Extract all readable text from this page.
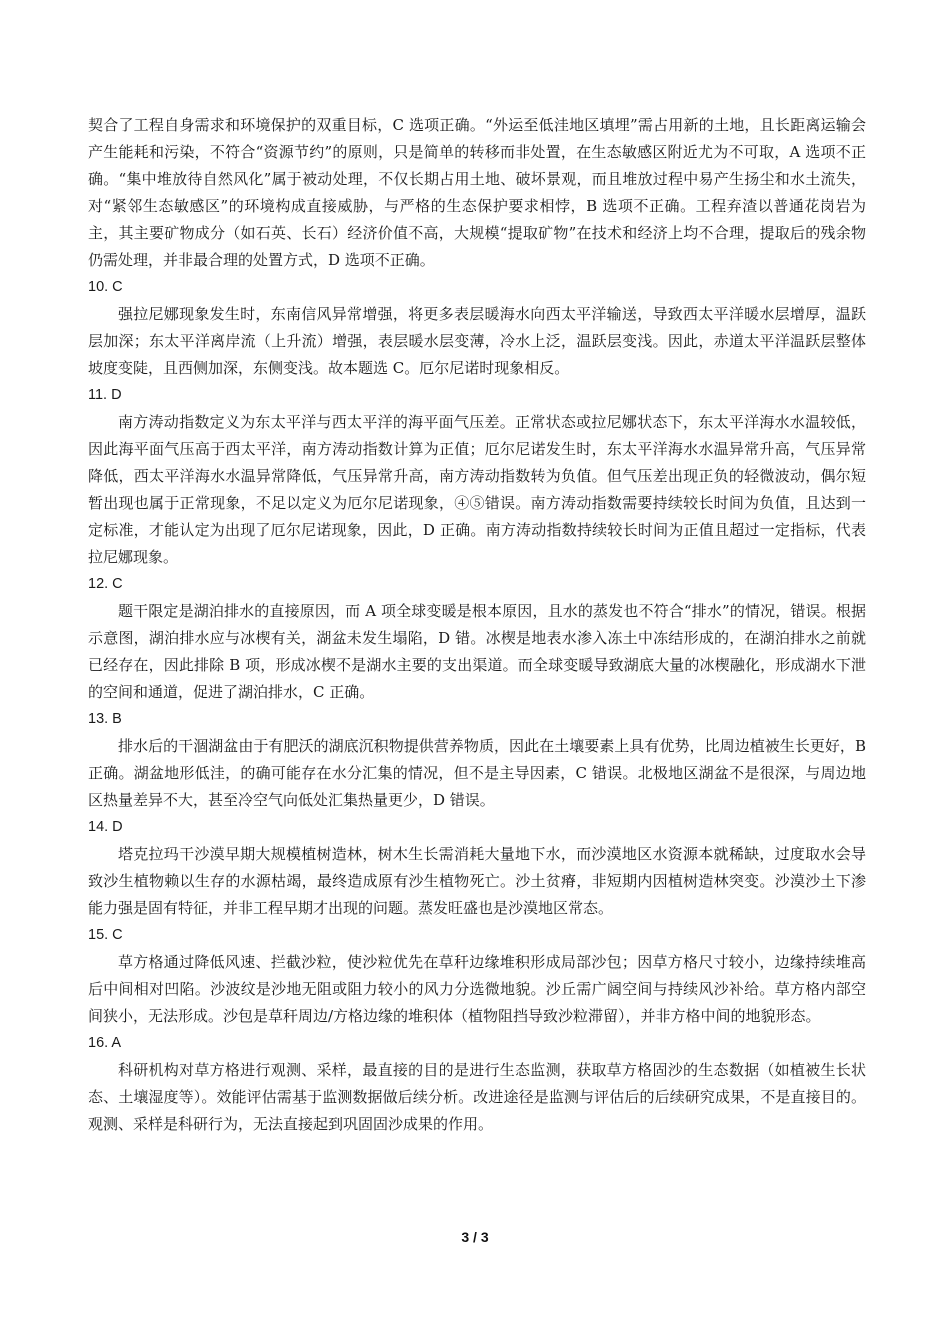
契合了工程自身需求和环境保护的双重目标，C 选项正确。“外运至低洼地区填埋”需占用新的土地，且长距离运输会产生能耗和污染，不符合“资源节约”的原则，只是简单的转移而非处置，在生态敏感区附近尤为不可取，A 选项不正确。“集中堆放待自然风化”属于被动处理，不仅长期占用土地、破坏景观，而且堆放过程中易产生扬尘和水土流失，对“紧邻生态敏感区”的环境构成直接威胁，与严格的生态保护要求相悖，B 选项不正确。工程弃渣以普通花岗岩为主，其主要矿物成分（如石英、长石）经济价值不高，大规模“提取矿物”在技术和经济上均不合理，提取后的残余物仍需处理，并非最合理的处置方式，D 选项不正确。

10. C

强拉尼娜现象发生时，东南信风异常增强，将更多表层暖海水向西太平洋输送，导致西太平洋暖水层增厚，温跃层加深；东太平洋离岸流（上升流）增强，表层暖水层变薄，冷水上泛，温跃层变浅。因此，赤道太平洋温跃层整体坡度变陡，且西侧加深，东侧变浅。故本题选 C。厄尔尼诺时现象相反。

11. D

南方涛动指数定义为东太平洋与西太平洋的海平面气压差。正常状态或拉尼娜状态下，东太平洋海水水温较低，因此海平面气压高于西太平洋，南方涛动指数计算为正值；厄尔尼诺发生时，东太平洋海水水温异常升高，气压异常降低，西太平洋海水水温异常降低，气压异常升高，南方涛动指数转为负值。但气压差出现正负的轻微波动，偶尔短暂出现也属于正常现象，不足以定义为厄尔尼诺现象，④⑤错误。南方涛动指数需要持续较长时间为负值，且达到一定标准，才能认定为出现了厄尔尼诺现象，因此，D 正确。南方涛动指数持续较长时间为正值且超过一定指标，代表拉尼娜现象。

12. C

题干限定是湖泊排水的直接原因，而 A 项全球变暖是根本原因，且水的蒸发也不符合“排水”的情况，错误。根据示意图，湖泊排水应与冰楔有关，湖盆未发生塌陷，D 错。冰楔是地表水渗入冻土中冻结形成的，在湖泊排水之前就已经存在，因此排除 B 项，形成冰楔不是湖水主要的支出渠道。而全球变暖导致湖底大量的冰楔融化，形成湖水下泄的空间和通道，促进了湖泊排水，C 正确。

13. B

排水后的干涸湖盆由于有肥沃的湖底沉积物提供营养物质，因此在土壤要素上具有优势，比周边植被生长更好，B 正确。湖盆地形低洼，的确可能存在水分汇集的情况，但不是主导因素，C 错误。北极地区湖盆不是很深，与周边地区热量差异不大，甚至冷空气向低处汇集热量更少，D 错误。

14. D

塔克拉玛干沙漠早期大规模植树造林，树木生长需消耗大量地下水，而沙漠地区水资源本就稀缺，过度取水会导致沙生植物赖以生存的水源枯竭，最终造成原有沙生植物死亡。沙土贫瘠，非短期内因植树造林突变。沙漠沙土下渗能力强是固有特征，并非工程早期才出现的问题。蒸发旺盛也是沙漠地区常态。

15. C

草方格通过降低风速、拦截沙粒，使沙粒优先在草秆边缘堆积形成局部沙包；因草方格尺寸较小，边缘持续堆高后中间相对凹陷。沙波纹是沙地无阻或阻力较小的风力分选微地貌。沙丘需广阔空间与持续风沙补给。草方格内部空间狭小，无法形成。沙包是草秆周边/方格边缘的堆积体（植物阻挡导致沙粒滞留），并非方格中间的地貌形态。

16. A

科研机构对草方格进行观测、采样，最直接的目的是进行生态监测，获取草方格固沙的生态数据（如植被生长状态、土壤湿度等）。效能评估需基于监测数据做后续分析。改进途径是监测与评估后的后续研究成果，不是直接目的。观测、采样是科研行为，无法直接起到巩固固沙成果的作用。

3 / 3
